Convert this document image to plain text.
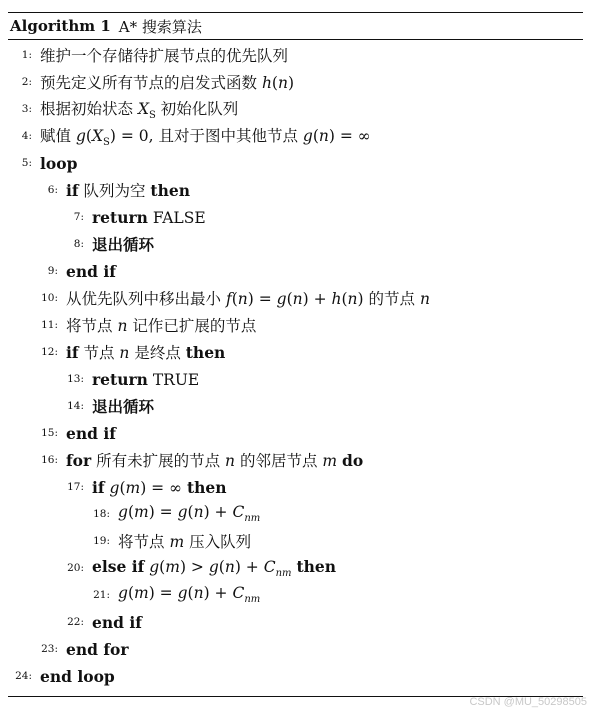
Algorithm 1 A* 搜索算法
1: 维护一个存储待扩展节点的优先队列
2: 预先定义所有节点的启发式函数 h(n)
3: 根据初始状态 $X_S$ 初始化队列
4: 赋值 $g(X_S) = 0$, 且对于图中其他节点 g(n) = ∞
5: loop
6: if 队列为空 then
7: return FALSE
8: 退出循环
9: end if
10: 从优先队列中移出最小 f(n) = g(n) + h(n) 的节点 n
11: 将节点 n 记作已扩展的节点
12: if 节点 n 是终点 then
13: return TRUE
14: 退出循环
15: end if
16: for 所有未扩展的节点 n 的邻居节点 m do
17: if g(m) = ∞ then
18: $g(m) = g(n) + C_{nm}$
19: 将节点 m 压入队列
20: else if $g(m) > g(n) + C_{nm}$ then
21: $g(m) = g(n) + C_{nm}$
22: end if
23: end for
24: end loop
CSDN @MU_50298505
